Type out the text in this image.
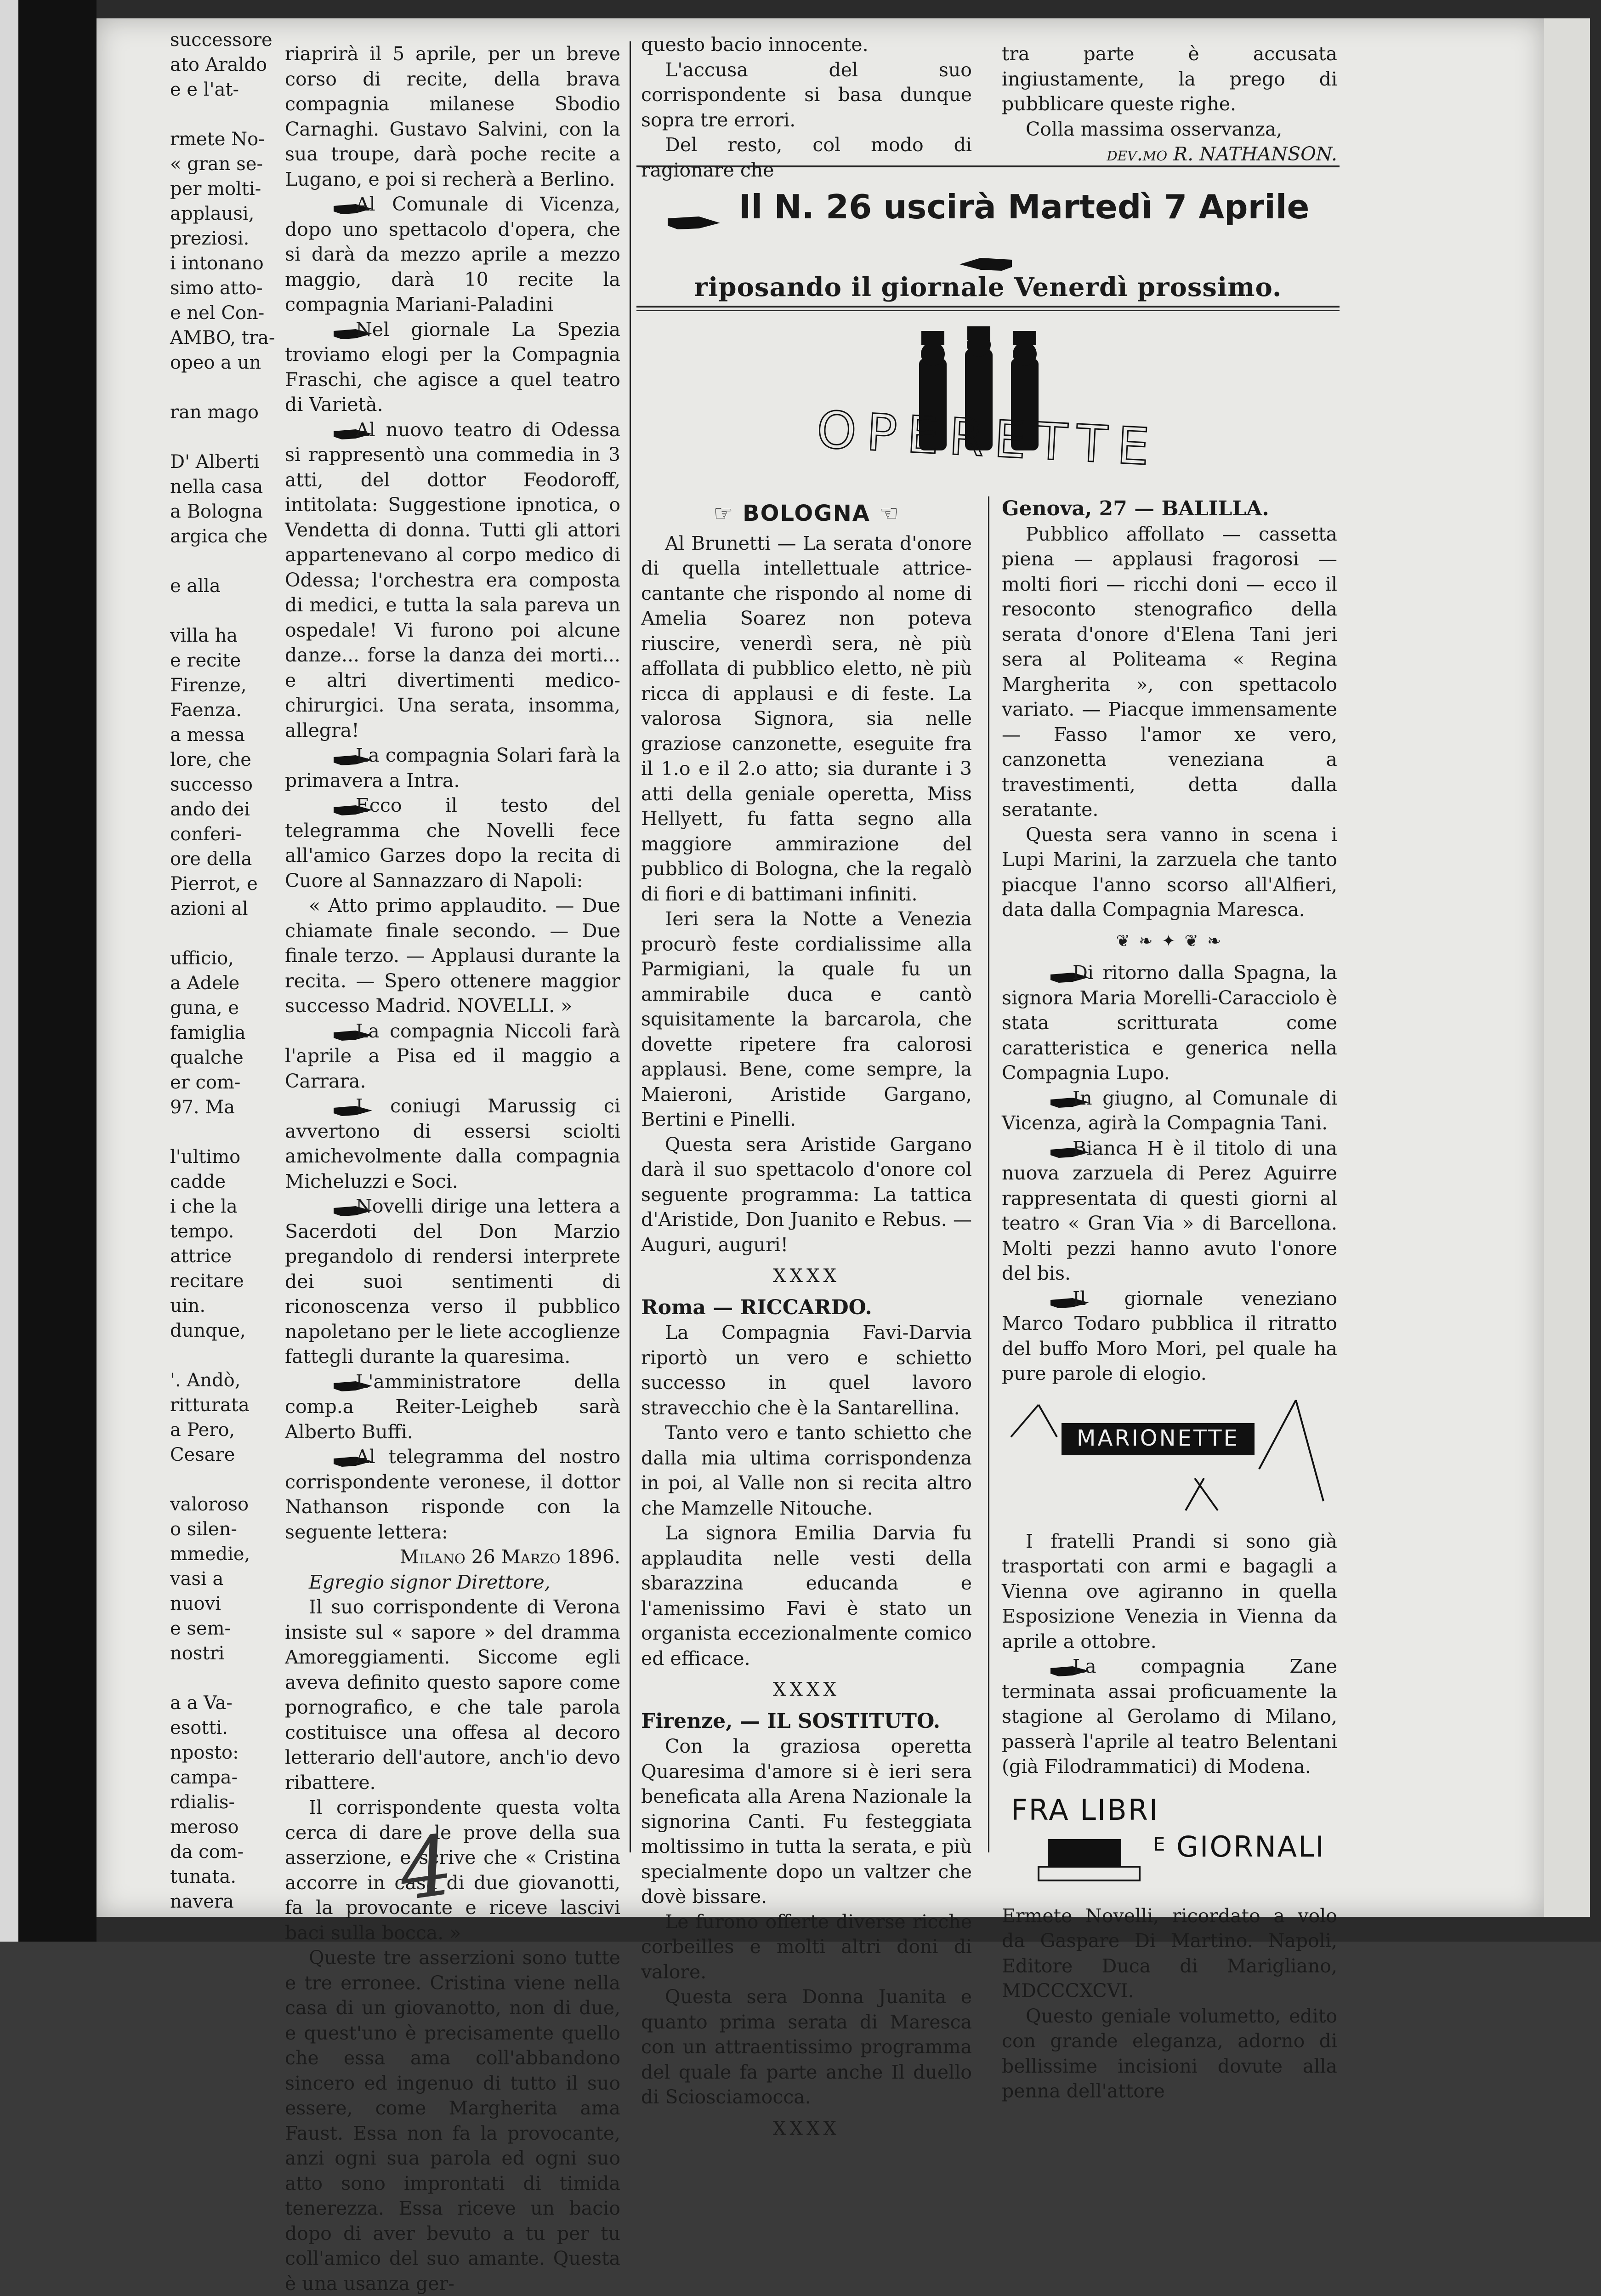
successore
ato Araldo
e e l'at-
rmete No-
« gran se-
per molti-
applausi,
preziosi.
i intonano
simo atto-
e nel Con-
AMBO, tra-
opeo a un
ran mago
D' Alberti
nella casa
a Bologna
argica che
e alla
villa ha
e recite
Firenze,
Faenza.
a messa
lore, che
successo
ando dei
conferi-
ore della
Pierrot, e
azioni al
ufficio,
a Adele
guna, e
famiglia
qualche
er com-
97. Ma
l'ultimo
cadde
i che la
tempo.
attrice
recitare
uin.
dunque,
'. Andò,
ritturata
a Pero,
Cesare
valoroso
o silen-
mmedie,
vasi a
nuovi
e sem-
nostri
a a Va-
esotti.
nposto:
campa-
rdialis-
meroso
da com-
tunata.
navera

riaprirà il 5 aprile, per un breve corso di recite, della brava compagnia milanese Sbodio Carnaghi. Gustavo Salvini, con la sua troupe, darà poche recite a Lugano, e poi si recherà a Berlino.

Al Comunale di Vicenza, dopo uno spettacolo d'opera, che si darà da mezzo aprile a mezzo maggio, darà 10 recite la compagnia Mariani-Paladini

Nel giornale La Spezia troviamo elogi per la Compagnia Fraschi, che agisce a quel teatro di Varietà.

Al nuovo teatro di Odessa si rappresentò una commedia in 3 atti, del dottor Feodoroff, intitolata: Suggestione ipnotica, o Vendetta di donna. Tutti gli attori appartenevano al corpo medico di Odessa; l'orchestra era composta di medici, e tutta la sala pareva un ospedale! Vi furono poi alcune danze... forse la danza dei morti... e altri divertimenti medico-chirurgici. Una serata, insomma, allegra!

La compagnia Solari farà la primavera a Intra.

Ecco il testo del telegramma che Novelli fece all'amico Garzes dopo la recita di Cuore al Sannazzaro di Napoli:

« Atto primo applaudito. — Due chiamate finale secondo. — Due finale terzo. — Applausi durante la recita. — Spero ottenere maggior successo Madrid. NOVELLI. »

La compagnia Niccoli farà l'aprile a Pisa ed il maggio a Carrara.

I coniugi Marussig ci avvertono di essersi sciolti amichevolmente dalla compagnia Micheluzzi e Soci.

Novelli dirige una lettera a Sacerdoti del Don Marzio pregandolo di rendersi interprete dei suoi sentimenti di riconoscenza verso il pubblico napoletano per le liete accoglienze fattegli durante la quaresima.

L'amministratore della comp.a Reiter-Leigheb sarà Alberto Buffi.

Al telegramma del nostro corrispondente veronese, il dottor Nathanson risponde con la seguente lettera:

Milano 26 Marzo 1896.

Egregio signor Direttore,

Il suo corrispondente di Verona insiste sul « sapore » del dramma Amoreggiamenti. Siccome egli aveva definito questo sapore come pornografico, e che tale parola costituisce una offesa al decoro letterario dell'autore, anch'io devo ribattere.

Il corrispondente questa volta cerca di dare le prove della sua asserzione, e scrive che « Cristina accorre in casa di due giovanotti, fa la provocante e riceve lascivi baci sulla bocca. »

Queste tre asserzioni sono tutte e tre erronee. Cristina viene nella casa di un giovanotto, non di due, e quest'uno è precisamente quello che essa ama coll'abbandono sincero ed ingenuo di tutto il suo essere, come Margherita ama Faust. Essa non fa la provocante, anzi ogni sua parola ed ogni suo atto sono improntati di timida tenerezza. Essa riceve un bacio dopo di aver bevuto a tu per tu coll'amico del suo amante. Questa è una usanza ger-

questo bacio innocente.

L'accusa del suo corrispondente si basa dunque sopra tre errori.

Del resto, col modo di ragionare che

tra parte è accusata ingiustamente, la prego di pubblicare queste righe.

Colla massima osservanza,

dev.mo R. NATHANSON.

Il N. 26 uscirà Martedì 7 Aprile
riposando il giornale Venerdì prossimo.
OPERETTE
☞ BOLOGNA ☜

Al Brunetti — La serata d'onore di quella intellettuale attrice-cantante che rispondo al nome di Amelia Soarez non poteva riuscire, venerdì sera, nè più affollata di pubblico eletto, nè più ricca di applausi e di feste. La valorosa Signora, sia nelle graziose canzonette, eseguite fra il 1.o e il 2.o atto; sia durante i 3 atti della geniale operetta, Miss Hellyett, fu fatta segno alla maggiore ammirazione del pubblico di Bologna, che la regalò di fiori e di battimani infiniti.

Ieri sera la Notte a Venezia procurò feste cordialissime alla Parmigiani, la quale fu un ammirabile duca e cantò squisitamente la barcarola, che dovette ripetere fra calorosi applausi. Bene, come sempre, la Maieroni, Aristide Gargano, Bertini e Pinelli.

Questa sera Aristide Gargano darà il suo spettacolo d'onore col seguente programma: La tattica d'Aristide, Don Juanito e Rebus. — Auguri, auguri!

XXXX

Roma — RICCARDO.

La Compagnia Favi-Darvia riportò un vero e schietto successo in quel lavoro stravecchio che è la Santarellina.

Tanto vero e tanto schietto che dalla mia ultima corrispondenza in poi, al Valle non si recita altro che Mamzelle Nitouche.

La signora Emilia Darvia fu applaudita nelle vesti della sbarazzina educanda e l'amenissimo Favi è stato un organista eccezionalmente comico ed efficace.

XXXX

Firenze, — IL SOSTITUTO.

Con la graziosa operetta Quaresima d'amore si è ieri sera beneficata alla Arena Nazionale la signorina Canti. Fu festeggiata moltissimo in tutta la serata, e più specialmente dopo un valtzer che dovè bissare.

Le furono offerte diverse ricche corbeilles e molti altri doni di valore.

Questa sera Donna Juanita e quanto prima serata di Maresca con un attraentissimo programma del quale fa parte anche Il duello di Sciosciamocca.

XXXX

Genova, 27 — BALILLA.

Pubblico affollato — cassetta piena — applausi fragorosi — molti fiori — ricchi doni — ecco il resoconto stenografico della serata d'onore d'Elena Tani jeri sera al Politeama « Regina Margherita », con spettacolo variato. — Piacque immensamente — Fasso l'amor xe vero, canzonetta veneziana a travestimenti, detta dalla seratante.

Questa sera vanno in scena i Lupi Marini, la zarzuela che tanto piacque l'anno scorso all'Alfieri, data dalla Compagnia Maresca.

❦ ❧ ✦ ❦ ❧

Di ritorno dalla Spagna, la signora Maria Morelli-Caracciolo è stata scritturata come caratteristica e generica nella Compagnia Lupo.

In giugno, al Comunale di Vicenza, agirà la Compagnia Tani.

Bianca H è il titolo di una nuova zarzuela di Perez Aguirre rappresentata di questi giorni al teatro « Gran Via » di Barcellona. Molti pezzi hanno avuto l'onore del bis.

Il giornale veneziano Marco Todaro pubblica il ritratto del buffo Moro Mori, pel quale ha pure parole di elogio.

MARIONETTE

I fratelli Prandi si sono già trasportati con armi e bagagli a Vienna ove agiranno in quella Esposizione Venezia in Vienna da aprile a ottobre.

La compagnia Zane terminata assai proficuamente la stagione al Gerolamo di Milano, passerà l'aprile al teatro Belentani (già Filodrammatici) di Modena.

FRA LIBRI
E GIORNALI

Ermete Novelli, ricordato a volo da Gaspare Di Martino. Napoli, Editore Duca di Marigliano, MDCCCXCVI.

Questo geniale volumetto, edito con grande eleganza, adorno di bellissime incisioni dovute alla penna dell'attore

4
